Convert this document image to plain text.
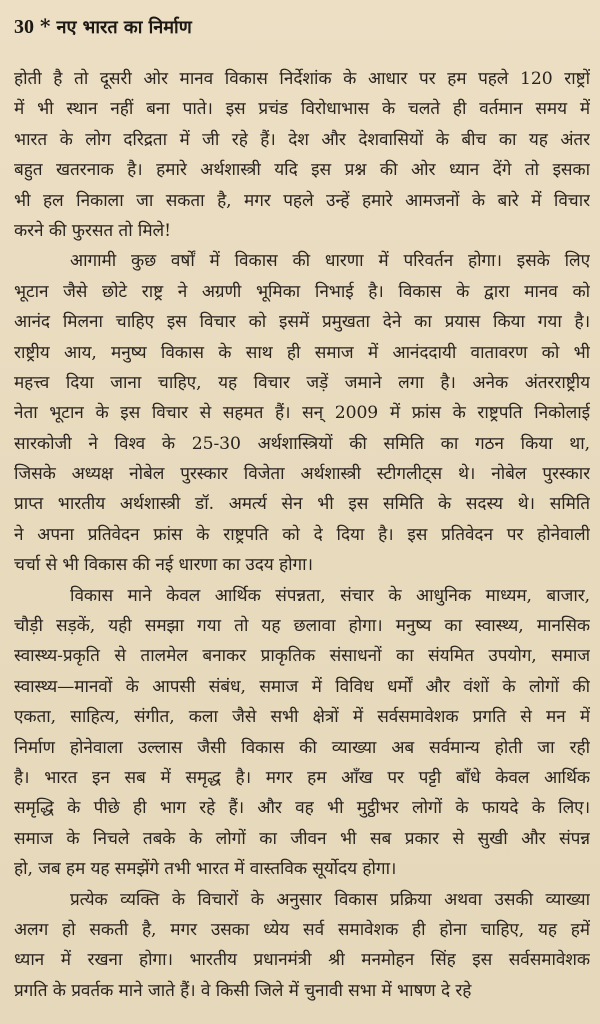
30 * नए भारत का निर्माण
होती है तो दूसरी ओर मानव विकास निर्देशांक के आधार पर हम पहले 120 राष्ट्रों
में भी स्थान नहीं बना पाते। इस प्रचंड विरोधाभास के चलते ही वर्तमान समय में
भारत के लोग दरिद्रता में जी रहे हैं। देश और देशवासियों के बीच का यह अंतर
बहुत खतरनाक है। हमारे अर्थशास्त्री यदि इस प्रश्न की ओर ध्यान देंगे तो इसका
भी हल निकाला जा सकता है, मगर पहले उन्हें हमारे आमजनों के बारे में विचार
करने की फुरसत तो मिले!
आगामी कुछ वर्षों में विकास की धारणा में परिवर्तन होगा। इसके लिए
भूटान जैसे छोटे राष्ट्र ने अग्रणी भूमिका निभाई है। विकास के द्वारा मानव को
आनंद मिलना चाहिए इस विचार को इसमें प्रमुखता देने का प्रयास किया गया है।
राष्ट्रीय आय, मनुष्य विकास के साथ ही समाज में आनंददायी वातावरण को भी
महत्त्व दिया जाना चाहिए, यह विचार जड़ें जमाने लगा है। अनेक अंतरराष्ट्रीय
नेता भूटान के इस विचार से सहमत हैं। सन् 2009 में फ्रांस के राष्ट्रपति निकोलाई
सारकोजी ने विश्व के 25-30 अर्थशास्त्रियों की समिति का गठन किया था,
जिसके अध्यक्ष नोबेल पुरस्कार विजेता अर्थशास्त्री स्टीगलीट्स थे। नोबेल पुरस्कार
प्राप्त भारतीय अर्थशास्त्री डॉ. अमर्त्य सेन भी इस समिति के सदस्य थे। समिति
ने अपना प्रतिवेदन फ्रांस के राष्ट्रपति को दे दिया है। इस प्रतिवेदन पर होनेवाली
चर्चा से भी विकास की नई धारणा का उदय होगा।
विकास माने केवल आर्थिक संपन्नता, संचार के आधुनिक माध्यम, बाजार,
चौड़ी सड़कें, यही समझा गया तो यह छलावा होगा। मनुष्य का स्वास्थ्य, मानसिक
स्वास्थ्य-प्रकृति से तालमेल बनाकर प्राकृतिक संसाधनों का संयमित उपयोग, समाज
स्वास्थ्य—मानवों के आपसी संबंध, समाज में विविध धर्मों और वंशों के लोगों की
एकता, साहित्य, संगीत, कला जैसे सभी क्षेत्रों में सर्वसमावेशक प्रगति से मन में
निर्माण होनेवाला उल्लास जैसी विकास की व्याख्या अब सर्वमान्य होती जा रही
है। भारत इन सब में समृद्ध है। मगर हम आँख पर पट्टी बाँधे केवल आर्थिक
समृद्धि के पीछे ही भाग रहे हैं। और वह भी मुट्ठीभर लोगों के फायदे के लिए।
समाज के निचले तबके के लोगों का जीवन भी सब प्रकार से सुखी और संपन्न
हो, जब हम यह समझेंगे तभी भारत में वास्तविक सूर्योदय होगा।
प्रत्येक व्यक्ति के विचारों के अनुसार विकास प्रक्रिया अथवा उसकी व्याख्या
अलग हो सकती है, मगर उसका ध्येय सर्व समावेशक ही होना चाहिए, यह हमें
ध्यान में रखना होगा। भारतीय प्रधानमंत्री श्री मनमोहन सिंह इस सर्वसमावेशक
प्रगति के प्रवर्तक माने जाते हैं। वे किसी जिले में चुनावी सभा में भाषण दे रहे
